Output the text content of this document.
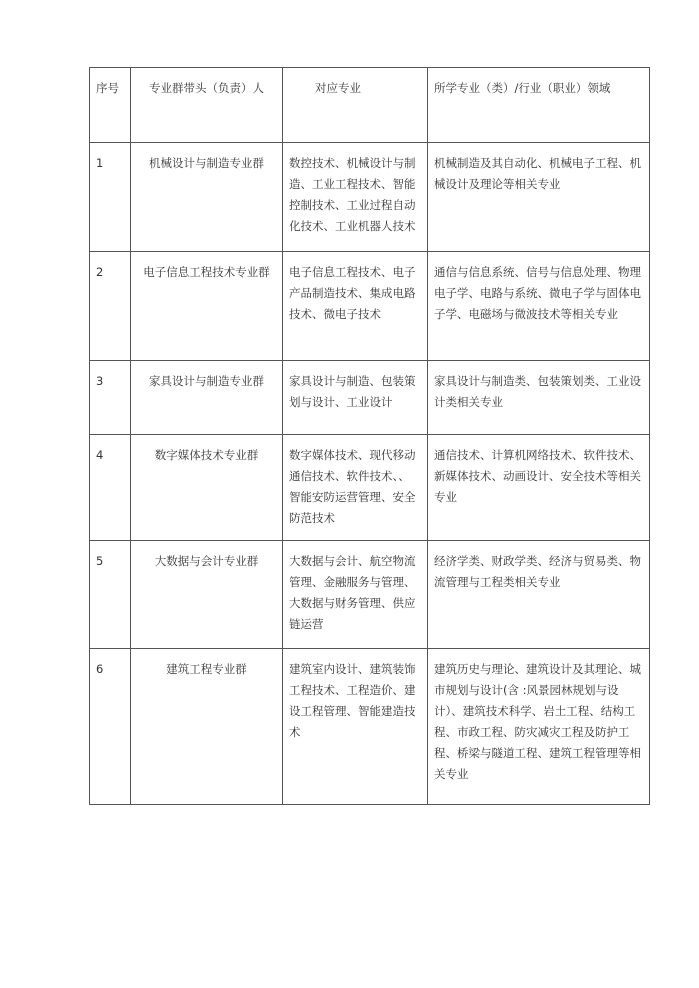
序号	专业群带头（负责）人	对应专业	所学专业（类）/行业（职业）领域
1	机械设计与制造专业群	数控技术、机械设计与制造、工业工程技术、智能控制技术、工业过程自动化技术、工业机器人技术	机械制造及其自动化、机械电子工程、机械设计及理论等相关专业
2	电子信息工程技术专业群	电子信息工程技术、电子产品制造技术、集成电路技术、微电子技术	通信与信息系统、信号与信息处理、物理电子学、电路与系统、微电子学与固体电子学、电磁场与微波技术等相关专业
3	家具设计与制造专业群	家具设计与制造、包装策划与设计、工业设计	家具设计与制造类、包装策划类、工业设计类相关专业
4	数字媒体技术专业群	数字媒体技术、现代移动通信技术、软件技术、、智能安防运营管理、安全防范技术	通信技术、计算机网络技术、软件技术、新媒体技术、动画设计、安全技术等相关专业
5	大数据与会计专业群	大数据与会计、航空物流管理、金融服务与管理、大数据与财务管理、供应链运营	经济学类、财政学类、经济与贸易类、物流管理与工程类相关专业
6	建筑工程专业群	建筑室内设计、建筑装饰工程技术、工程造价、建设工程管理、智能建造技术	建筑历史与理论、建筑设计及其理论、城市规划与设计(含 :风景园林规划与设计）、建筑技术科学、岩土工程、结构工程、市政工程、防灾减灾工程及防护工程、桥梁与隧道工程、建筑工程管理等相关专业
